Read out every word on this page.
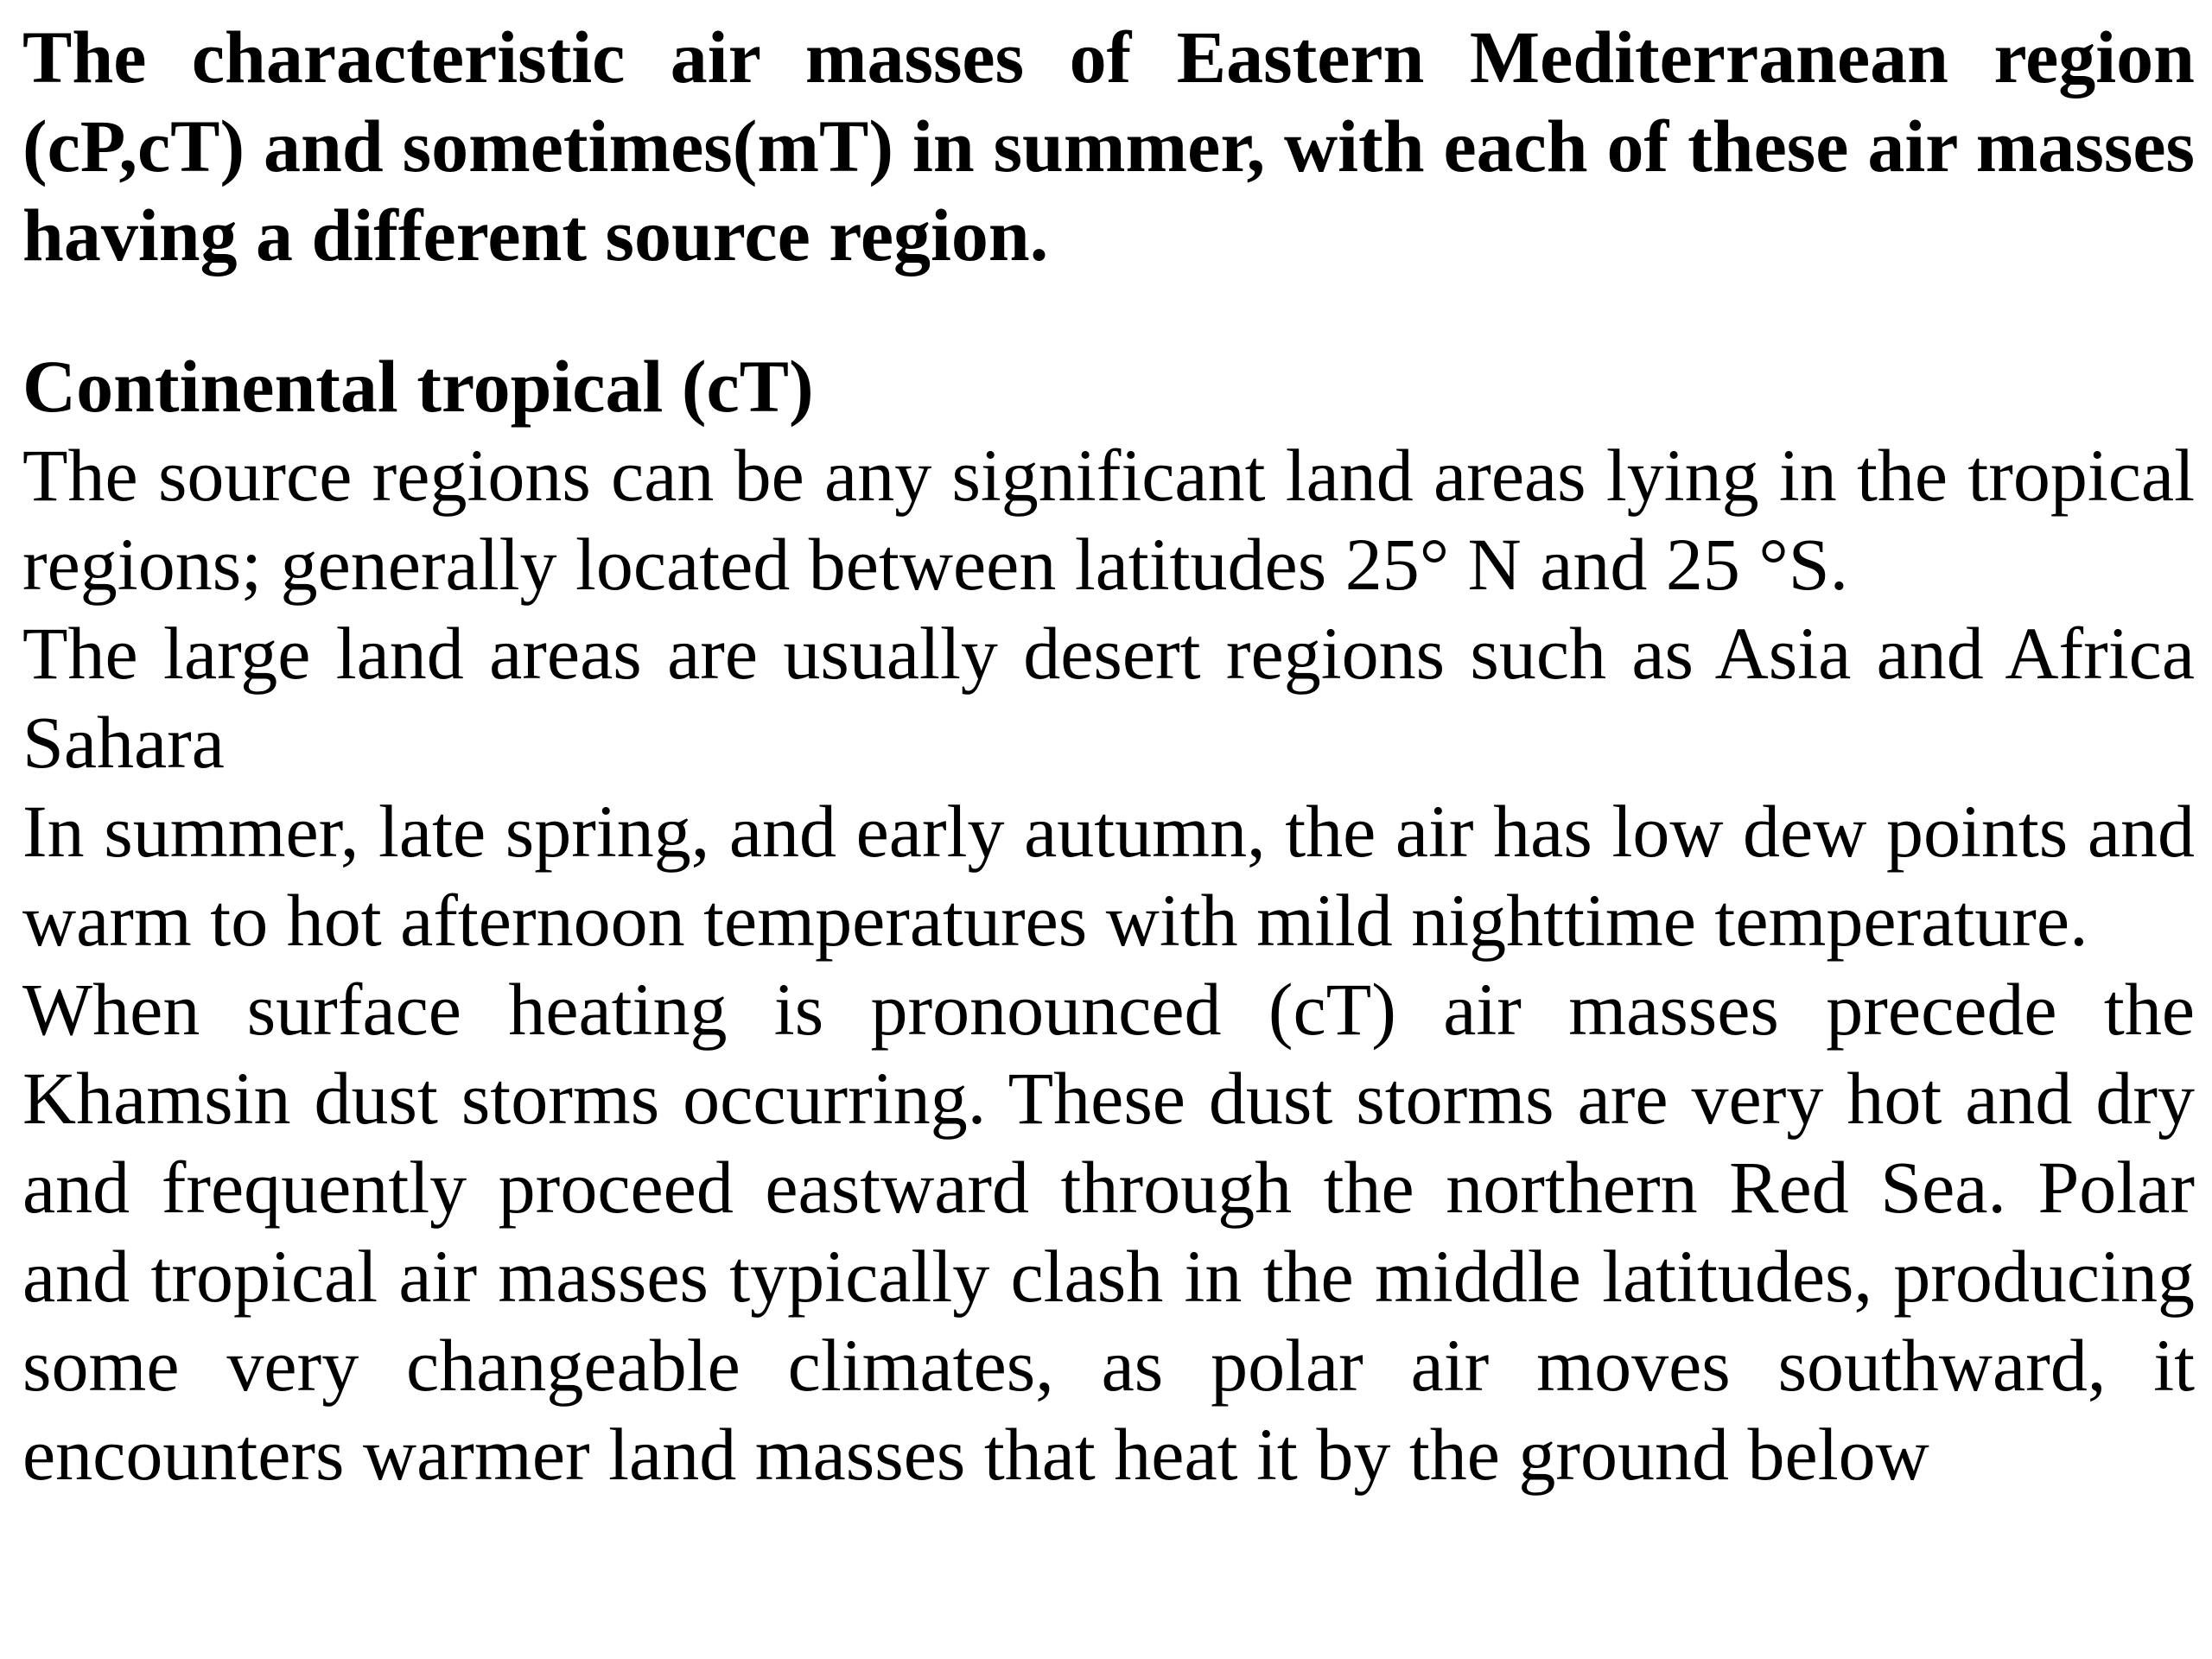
The characteristic air masses of Eastern Mediterranean region (cP,cT) and sometimes(mT) in summer, with each of these air masses having a different source region.

Continental tropical (cT)

The source regions can be any significant land areas lying in the tropical regions; generally located between latitudes 25° N and 25 °S.

The large land areas are usually desert regions such as Asia and Africa Sahara

In summer, late spring, and early autumn, the air has low dew points and warm to hot afternoon temperatures with mild nighttime temperature.

When surface heating is pronounced (cT) air masses precede the Khamsin dust storms occurring. These dust storms are very hot and dry and frequently proceed eastward through the northern Red Sea. Polar and tropical air masses typically clash in the middle latitudes, producing some very changeable climates, as polar air moves southward, it encounters warmer land masses that heat it by the ground below
